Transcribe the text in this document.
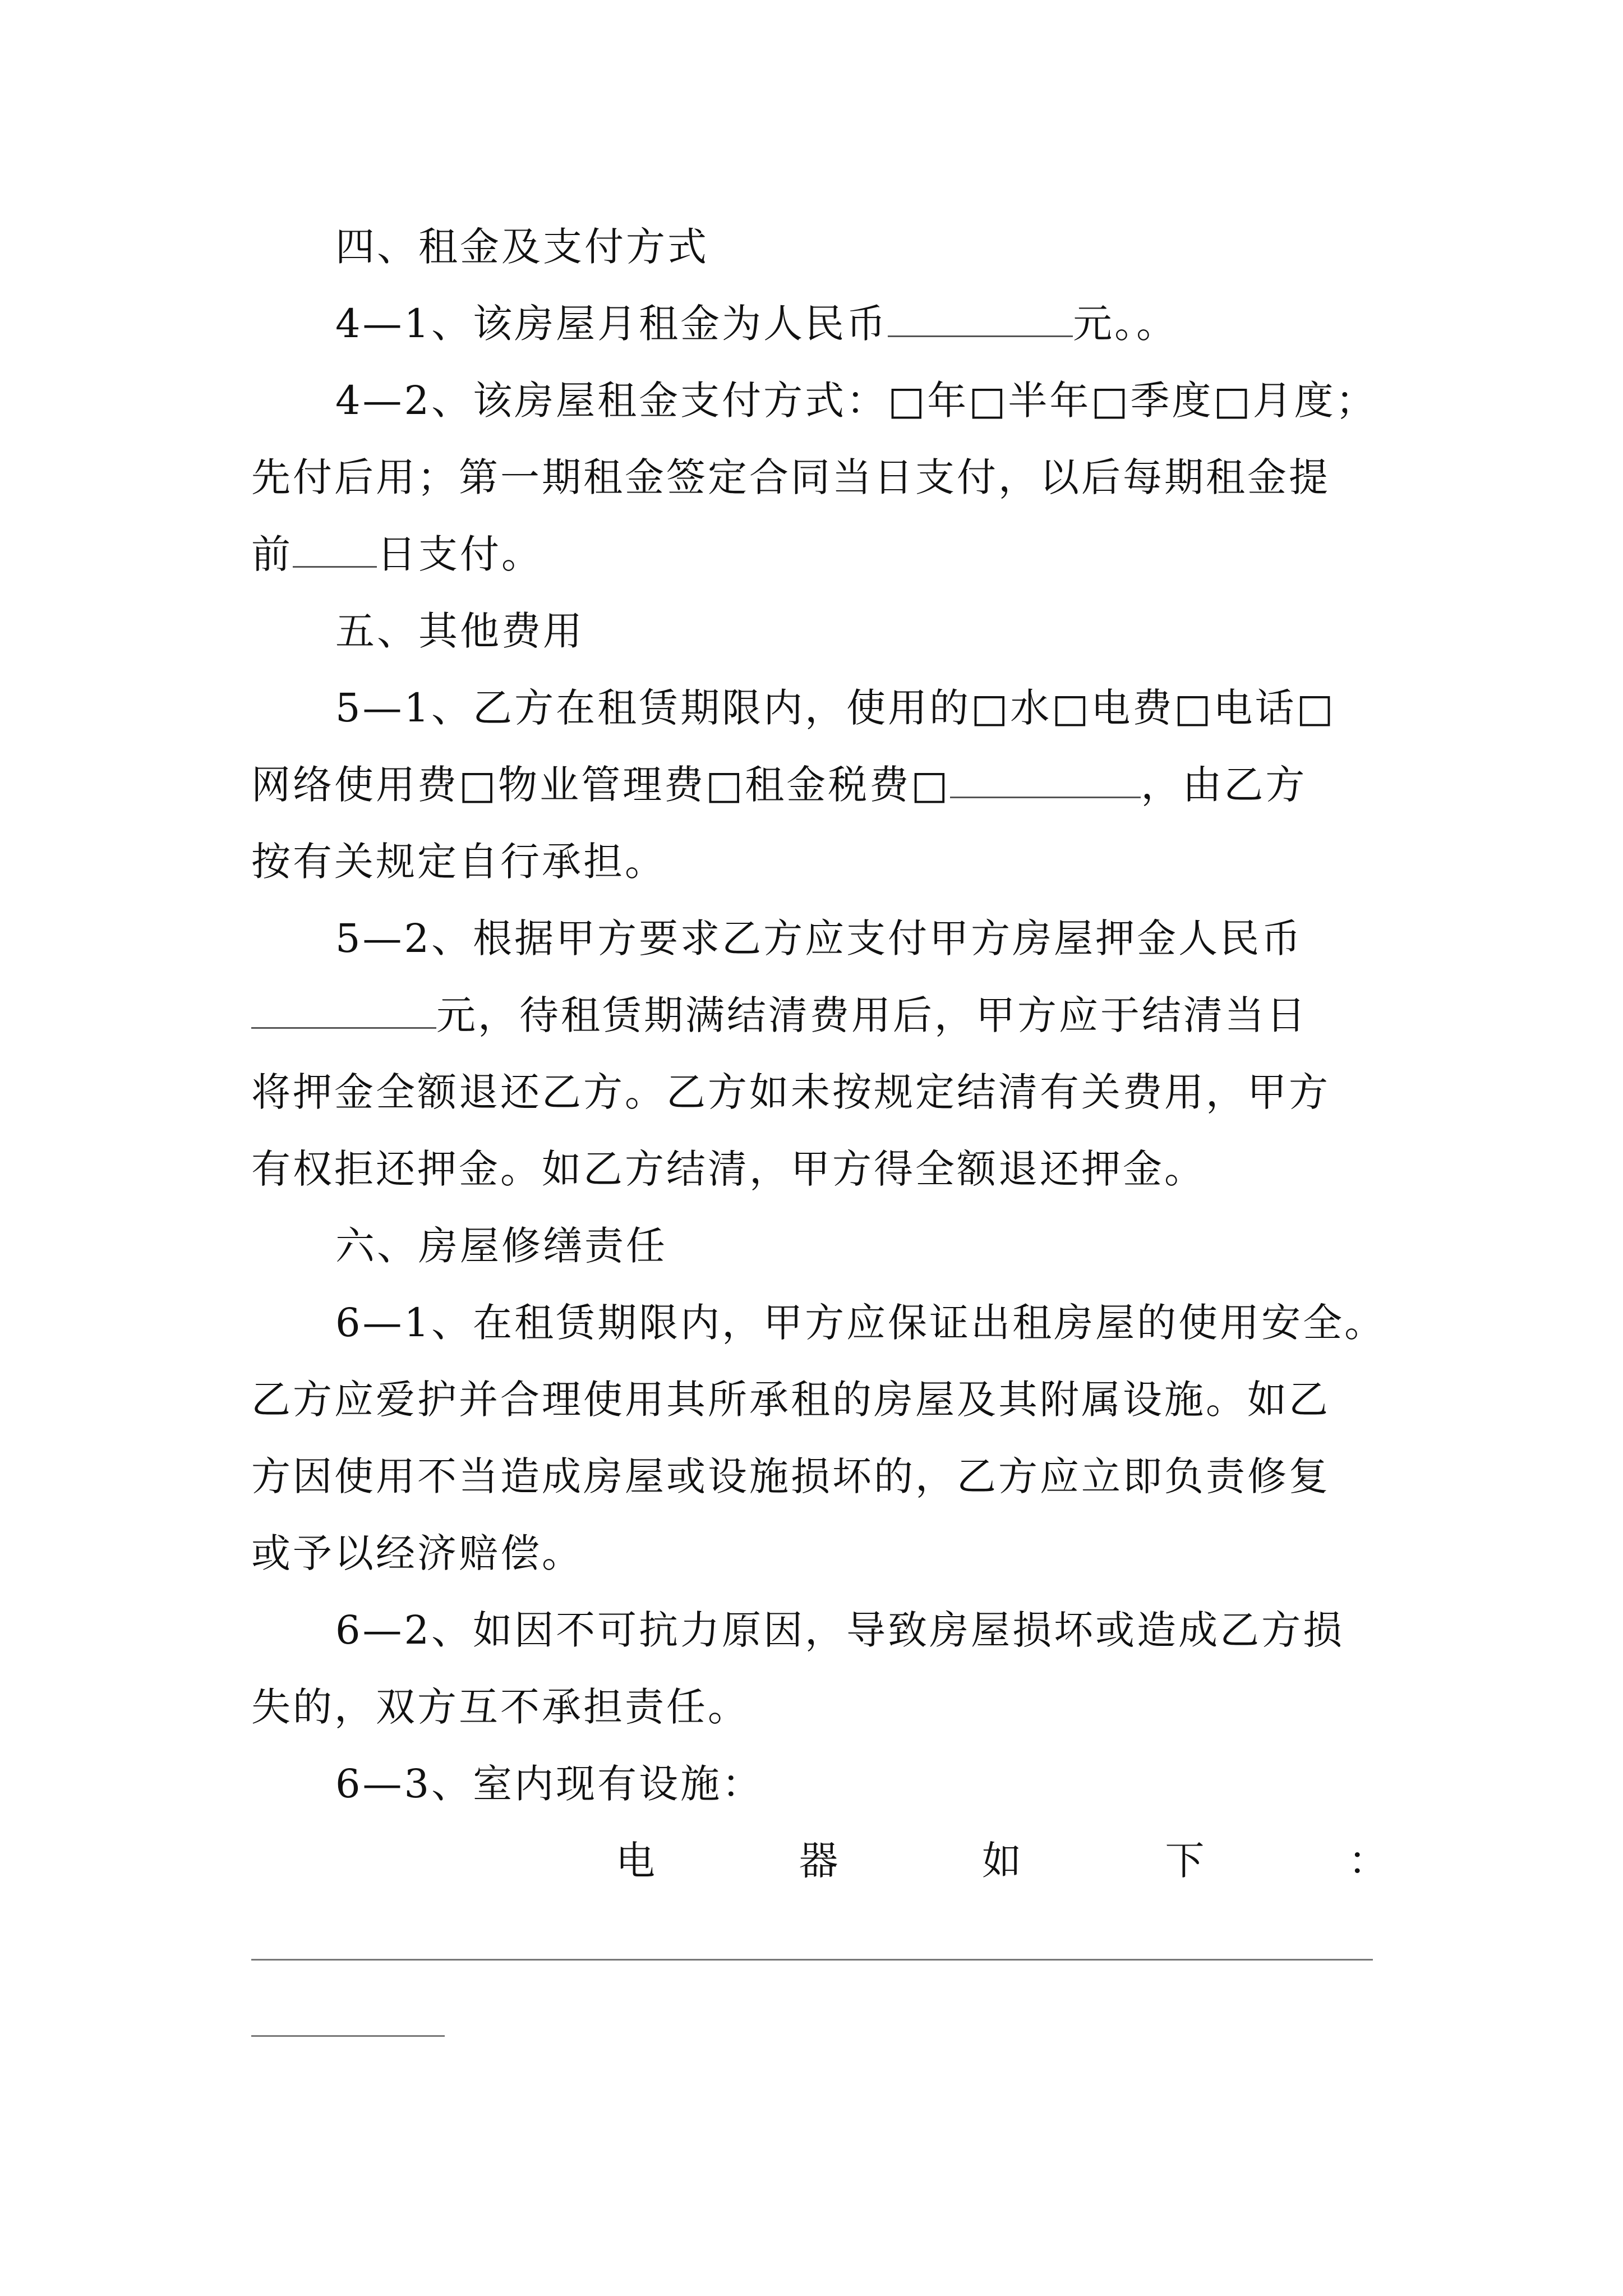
四、租金及支付方式
4—1、该房屋月租金为人民币	元。。
4—2、该房屋租金支付方式：□年□半年□季度□月度；
先付后用；第一期租金签定合同当日支付，以后每期租金提
前 日支付。
五、其他费用
5—1、乙方在租赁期限内，使用的□水□电费□电话□
网络使用费□物业管理费□租金税费□	，由乙方
按有关规定自行承担。
5—2、根据甲方要求乙方应支付甲方房屋押金人民币
元，待租赁期满结清费用后，甲方应于结清当日
将押金全额退还乙方。乙方如未按规定结清有关费用，甲方
有权拒还押金。如乙方结清，甲方得全额退还押金。
六、房屋修缮责任
6—1、在租赁期限内，甲方应保证出租房屋的使用安全。
乙方应爱护并合理使用其所承租的房屋及其附属设施。如乙
方因使用不当造成房屋或设施损坏的，乙方应立即负责修复
或予以经济赔偿。
6—2、如因不可抗力原因，导致房屋损坏或造成乙方损
失的，双方互不承担责任。
6—3、室内现有设施：
电	器	如	下	：
